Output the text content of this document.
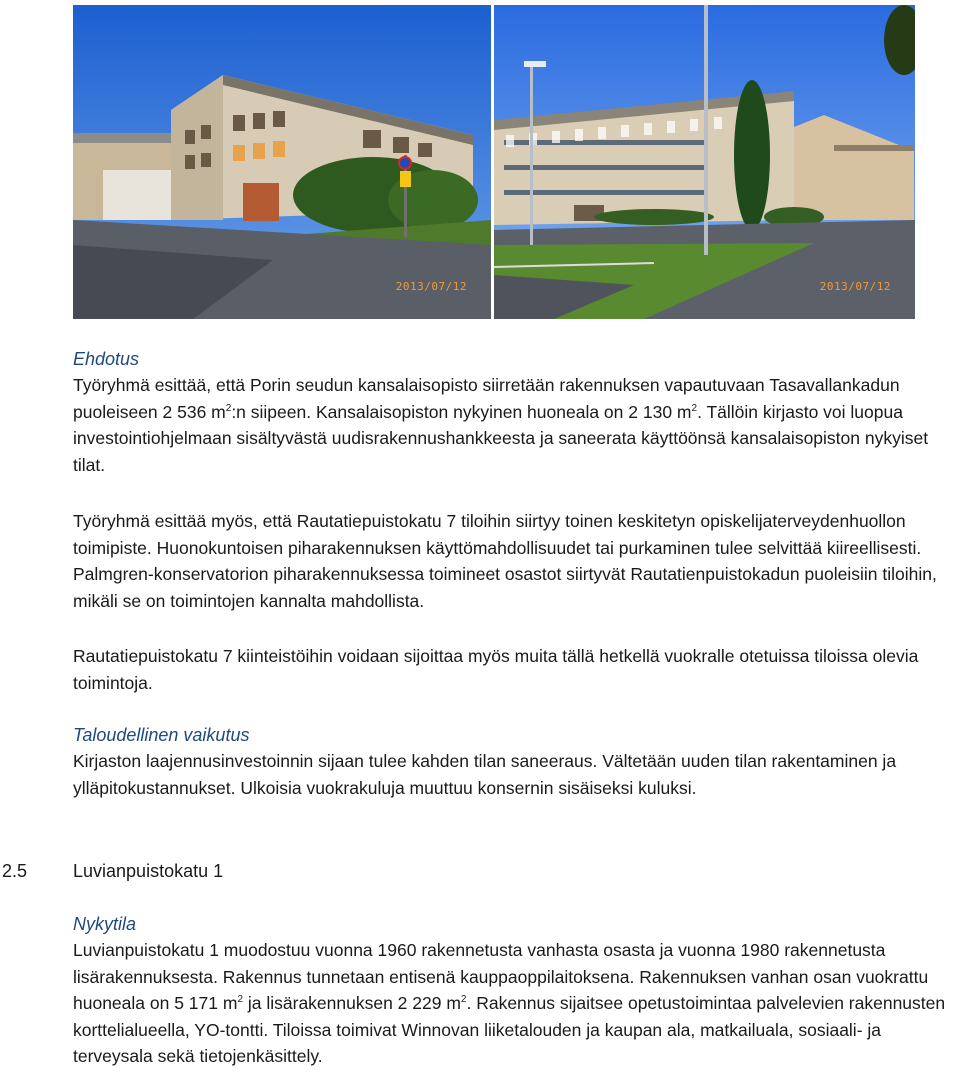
2013/07/12	2013/07/12
Ehdotus

Työryhmä esittää, että Porin seudun kansalaisopisto siirretään rakennuksen vapautuvaan Tasavallankadun puoleiseen 2 536 $m^2:n$ siipeen. Kansalaisopiston nykyinen huoneala on 2 130 $m^2$. Tällöin kirjasto voi luopua investointiohjelmaan sisältyvästä uudisrakennushankkeesta ja saneerata käyttöönsä kansalaisopiston nykyiset tilat.

Työryhmä esittää myös, että Rautatiepuistokatu 7 tiloihin siirtyy toinen keskitetyn opiskelijaterveydenhuollon toimipiste. Huonokuntoisen piharakennuksen käyttömahdollisuudet tai purkaminen tulee selvittää kiireellisesti. Palmgren-konservatorion piharakennuksessa toimineet osastot siirtyvät Rautatienpuistokadun puoleisiin tiloihin, mikäli se on toimintojen kannalta mahdollista.

Rautatiepuistokatu 7 kiinteistöihin voidaan sijoittaa myös muita tällä hetkellä vuokralle otetuissa tiloissa olevia toimintoja.

Taloudellinen vaikutus

Kirjaston laajennusinvestoinnin sijaan tulee kahden tilan saneeraus. Vältetään uuden tilan rakentaminen ja ylläpitokustannukset. Ulkoisia vuokrakuluja muuttuu konsernin sisäiseksi kuluksi.

2.5	Luvianpuistokatu 1
Nykytila

Luvianpuistokatu 1 muodostuu vuonna 1960 rakennetusta vanhasta osasta ja vuonna 1980 rakennetusta lisärakennuksesta. Rakennus tunnetaan entisenä kauppaoppilaitoksena. Rakennuksen vanhan osan vuokrattu huoneala on 5 171 $m^2$ ja lisärakennuksen 2 229 $m^2$. Rakennus sijaitsee opetustoimintaa palvelevien rakennusten korttelialueella, YO-tontti. Tiloissa toimivat Winnovan liiketalouden ja kaupan ala, matkailuala, sosiaali- ja terveysala sekä tietojenkäsittely.
